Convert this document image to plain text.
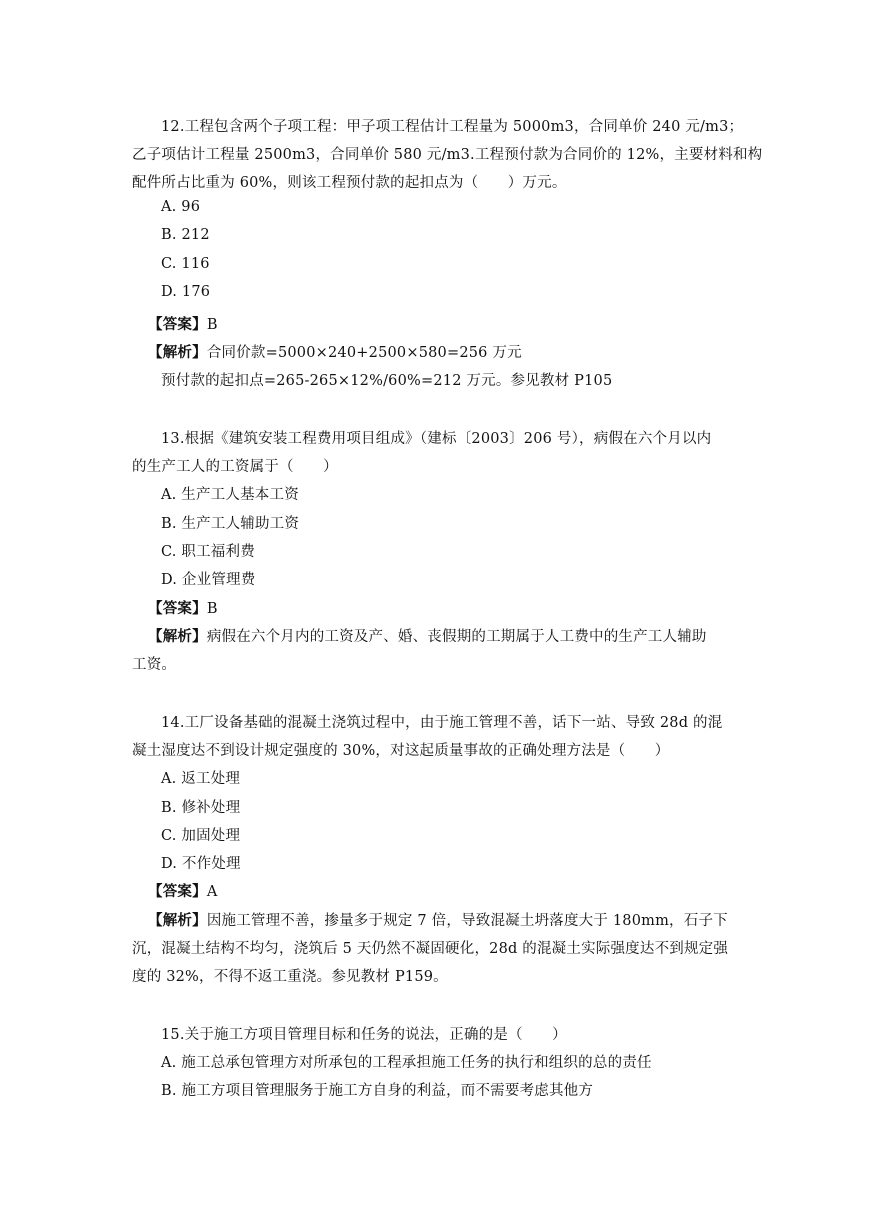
12.工程包含两个子项工程：甲子项工程估计工程量为 5000m3，合同单价 240 元/m3；
乙子项估计工程量 2500m3，合同单价 580 元/m3.工程预付款为合同价的 12%，主要材料和构
配件所占比重为 60%，则该工程预付款的起扣点为（　　）万元。
A. 96
B. 212
C. 116
D. 176
【答案】B
【解析】合同价款=5000×240+2500×580=256 万元
预付款的起扣点=265-265×12%/60%=212 万元。参见教材 P105
13.根据《建筑安装工程费用项目组成》（建标〔2003〕206 号），病假在六个月以内
的生产工人的工资属于（　　）
A. 生产工人基本工资
B. 生产工人辅助工资
C. 职工福利费
D. 企业管理费
【答案】B
【解析】病假在六个月内的工资及产、婚、丧假期的工期属于人工费中的生产工人辅助
工资。
14.工厂设备基础的混凝土浇筑过程中，由于施工管理不善，话下一站、导致 28d 的混
凝土湿度达不到设计规定强度的 30%，对这起质量事故的正确处理方法是（　　）
A. 返工处理
B. 修补处理
C. 加固处理
D. 不作处理
【答案】A
【解析】因施工管理不善，掺量多于规定 7 倍，导致混凝土坍落度大于 180mm，石子下
沉，混凝土结构不均匀，浇筑后 5 天仍然不凝固硬化，28d 的混凝土实际强度达不到规定强
度的 32%，不得不返工重浇。参见教材 P159。
15.关于施工方项目管理目标和任务的说法，正确的是（　　）
A. 施工总承包管理方对所承包的工程承担施工任务的执行和组织的总的责任
B. 施工方项目管理服务于施工方自身的利益，而不需要考虑其他方
